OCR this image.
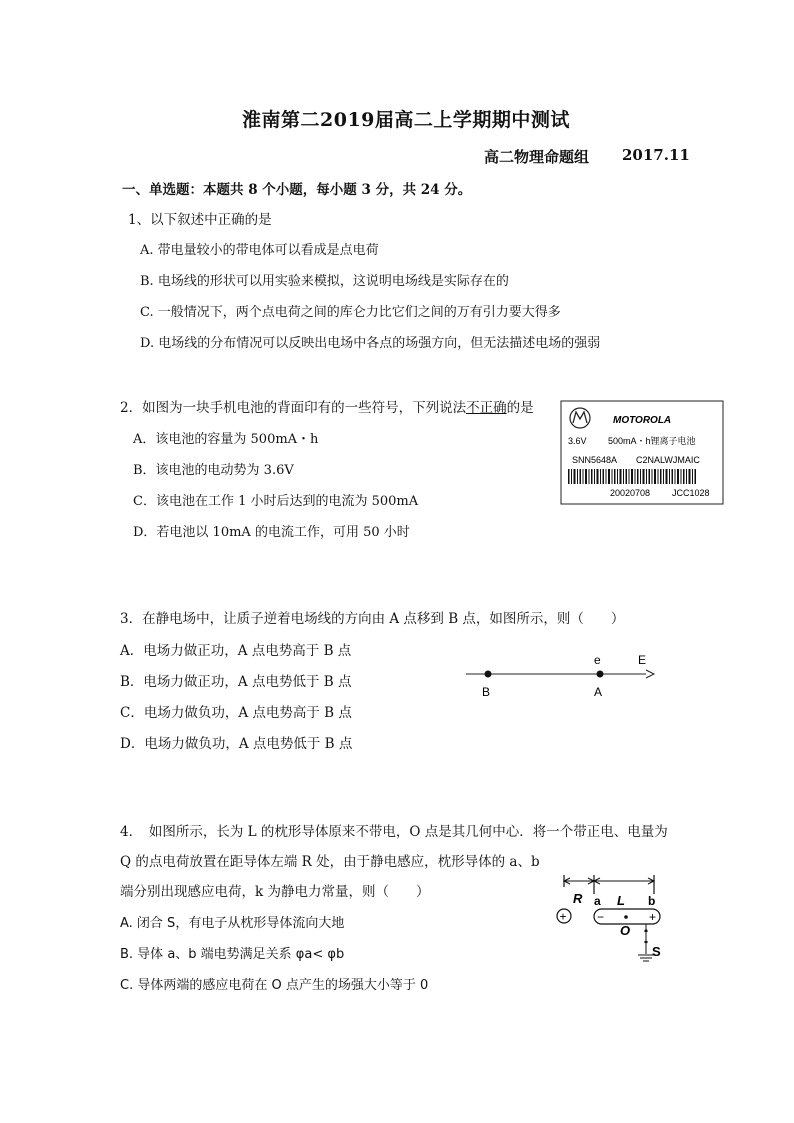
淮南第二2019届高二上学期期中测试
高二物理命题组 2017.11
一、单选题：本题共 8 个小题，每小题 3 分，共 24 分。
1、以下叙述中正确的是
A. 带电量较小的带电体可以看成是点电荷
B. 电场线的形状可以用实验来模拟，这说明电场线是实际存在的
C. 一般情况下，两个点电荷之间的库仑力比它们之间的万有引力要大得多
D. 电场线的分布情况可以反映出电场中各点的场强方向，但无法描述电场的强弱
2．如图为一块手机电池的背面印有的一些符号，下列说法不正确的是
A．该电池的容量为 500mA・h
B．该电池的电动势为 3.6V
C．该电池在工作 1 小时后达到的电流为 500mA
D．若电池以 10mA 的电流工作，可用 50 小时
MOTOROLA
3.6V 500mA・h锂离子电池
SNN5648A C2NALWJMAIC
20020708 JCC1028
3．在静电场中，让质子逆着电场线的方向由 A 点移到 B 点，如图所示，则（　　）
A．电场力做正功，A 点电势高于 B 点
B．电场力做正功，A 点电势低于 B 点
C．电场力做负功，A 点电势高于 B 点
D．电场力做负功，A 点电势低于 B 点
e	E
B	A
4．　如图所示，长为 L 的枕形导体原来不带电，O 点是其几何中心．将一个带正电、电量为
Q 的点电荷放置在距导体左端 R 处，由于静电感应，枕形导体的 a、b
端分别出现感应电荷，k 为静电力常量，则（　　）
A. 闭合 S，有电子从枕形导体流向大地
B. 导体 a、b 端电势满足关系 φa< φb
C. 导体两端的感应电荷在 O 点产生的场强大小等于 0
R	L
+
a	b
−	+
O
S
